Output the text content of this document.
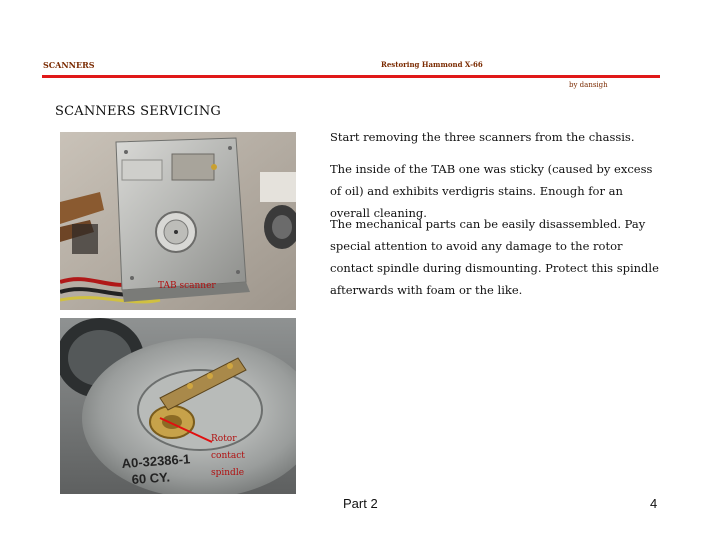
SCANNERS	Restoring Hammond X-66
by dansigh
SCANNERS SERVICING

Start removing the three scanners from the chassis.

The inside of the TAB one was sticky (caused by excess of oil) and exhibits verdigris stains. Enough for an overall cleaning.

The mechanical parts can be easily disassembled. Pay special attention to avoid any damage to the rotor contact spindle during dismounting. Protect this spindle afterwards with foam or the like.

TAB scanner
A0-32386-1
60 CY.
Rotor contact spindle
Part 2	4
